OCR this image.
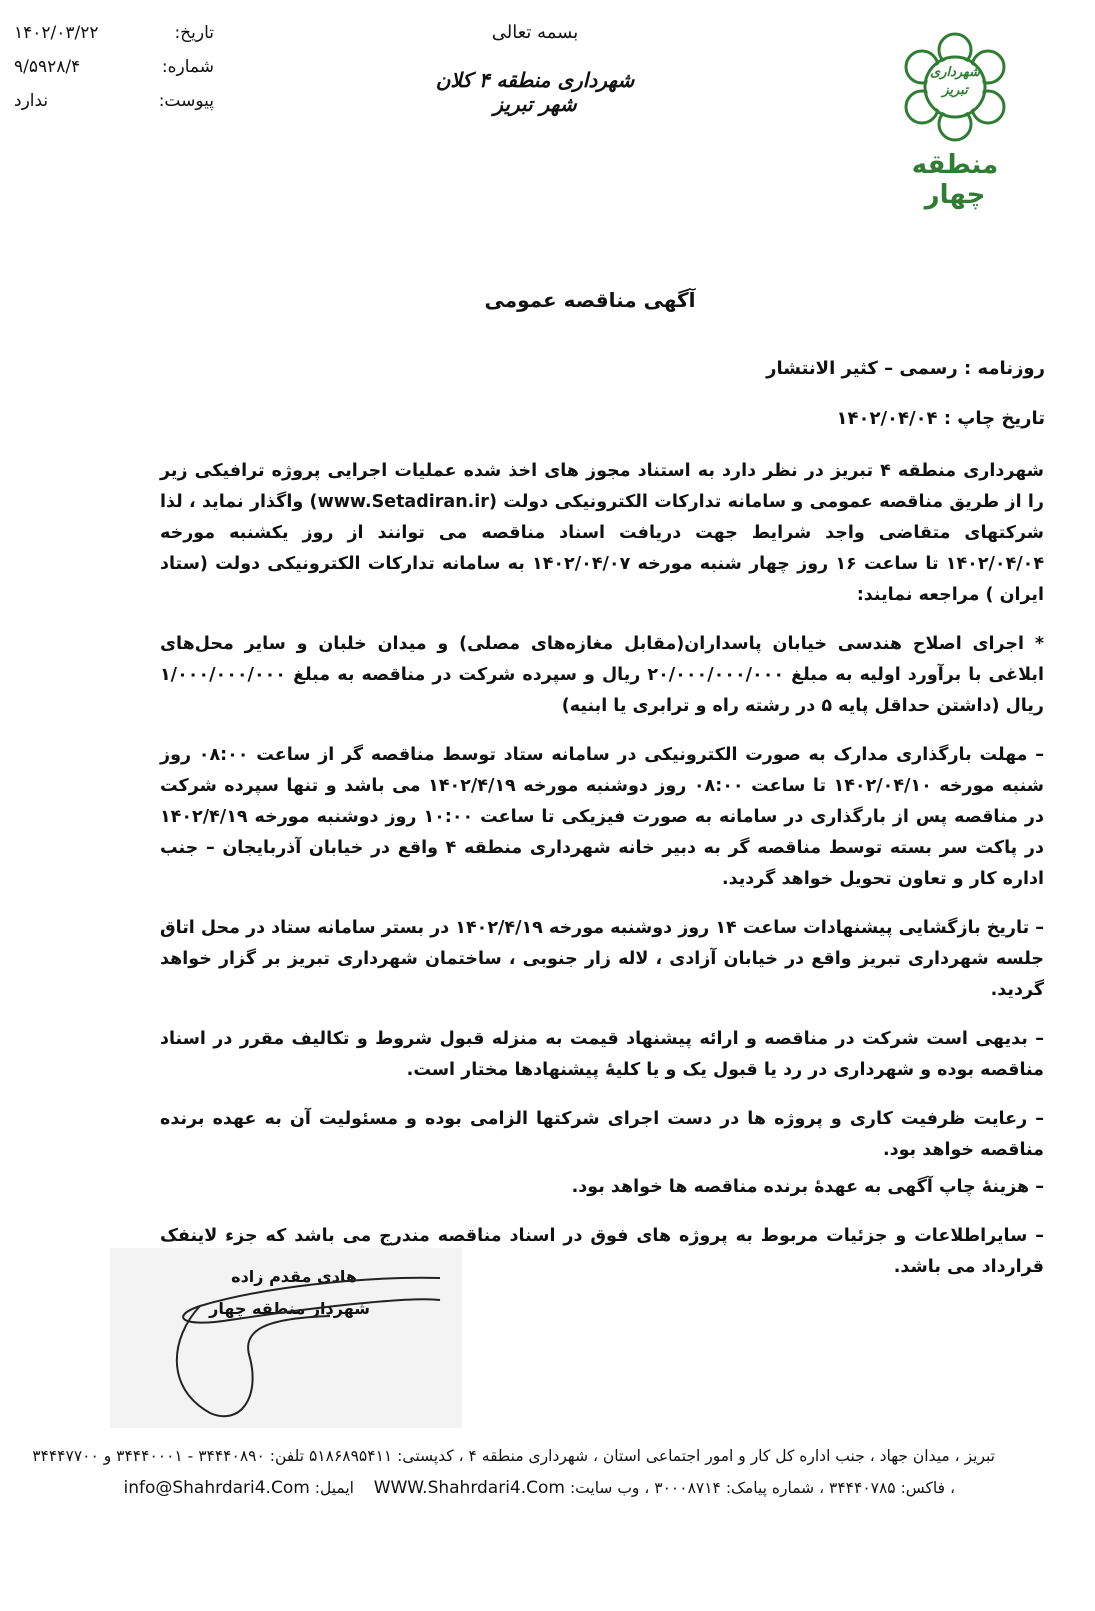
تاریخ:
۱۴۰۲/۰۳/۲۲
شماره:
۹/۵۹۲۸/۴
پیوست:
ندارد
بسمه تعالی
شهرداری منطقه ۴ کلان شهر تبریز
شهرداری تبریز
منطقه چهار
آگهی مناقصه عمومی
روزنامه : رسمی – کثیر الانتشار
تاریخ چاپ : ۱۴۰۲/۰۴/۰۴

شهرداری منطقه ۴ تبریز در نظر دارد به استناد مجوز های اخذ شده عملیات اجرایی پروژه ترافیکی زیر را از طریق مناقصه عمومی و سامانه تدارکات الکترونیکی دولت (www.Setadiran.ir) واگذار نماید ، لذا شرکتهای متقاضی واجد شرایط جهت دریافت اسناد مناقصه می توانند از روز یکشنبه مورخه ۱۴۰۲/۰۴/۰۴ تا ساعت ۱۶ روز چهار شنبه مورخه ۱۴۰۲/۰۴/۰۷ به سامانه تدارکات الکترونیکی دولت (ستاد ایران ) مراجعه نمایند:

* اجرای اصلاح هندسی خیابان پاسداران(مقابل مغازه‌های مصلی) و میدان خلبان و سایر محل‌های ابلاغی با برآورد اولیه به مبلغ ۲۰/۰۰۰/۰۰۰/۰۰۰ ریال و سپرده شرکت در مناقصه به مبلغ ۱/۰۰۰/۰۰۰/۰۰۰ ریال (داشتن حداقل پایه ۵ در رشته راه و ترابری یا ابنیه)

– مهلت بارگذاری مدارک به صورت الکترونیکی در سامانه ستاد توسط مناقصه گر از ساعت ۰۸:۰۰ روز شنبه مورخه ۱۴۰۲/۰۴/۱۰ تا ساعت ۰۸:۰۰ روز دوشنبه مورخه ۱۴۰۲/۴/۱۹ می باشد و تنها سپرده شرکت در مناقصه پس از بارگذاری در سامانه به صورت فیزیکی تا ساعت ۱۰:۰۰ روز دوشنبه مورخه ۱۴۰۲/۴/۱۹ در پاکت سر بسته توسط مناقصه گر به دبیر خانه شهرداری منطقه ۴ واقع در خیابان آذربایجان – جنب اداره کار و تعاون تحویل خواهد گردید.

– تاریخ بازگشایی پیشنهادات ساعت ۱۴ روز دوشنبه مورخه ۱۴۰۲/۴/۱۹ در بستر سامانه ستاد در محل اتاق جلسه شهرداری تبریز واقع در خیابان آزادی ، لاله زار جنوبی ، ساختمان شهرداری تبریز بر گزار خواهد گردید.

– بدیهی است شرکت در مناقصه و ارائه پیشنهاد قیمت به منزله قبول شروط و تکالیف مقرر در اسناد مناقصه بوده و شهرداری در رد یا قبول یک و یا کلیهٔ پیشنهادها مختار است.

– رعایت ظرفیت کاری و پروژه ها در دست اجرای شرکتها الزامی بوده و مسئولیت آن به عهده برنده مناقصه خواهد بود.

– هزینهٔ چاپ آگهی به عهدهٔ برنده مناقصه ها خواهد بود.

– سایراطلاعات و جزئیات مربوط به پروژه های فوق در اسناد مناقصه مندرج می باشد که جزء لاینفک قرارداد می باشد.

هادی مقدم زاده
شهردار منطقه چهار
تبریز ، میدان جهاد ، جنب اداره کل کار و امور اجتماعی استان ، شهرداری منطقه ۴ ، کدپستی: ۵۱۸۶۸۹۵۴۱۱ تلفن: ۳۴۴۴۰۸۹۰ - ۳۴۴۴۰۰۰۱ و ۳۴۴۴۷۷۰۰
، فاکس: ۳۴۴۴۰۷۸۵ ، شماره پیامک: ۳۰۰۰۸۷۱۴ ، وب سایت: WWW.Shahrdari4.Com    ایمیل: info@Shahrdari4.Com
